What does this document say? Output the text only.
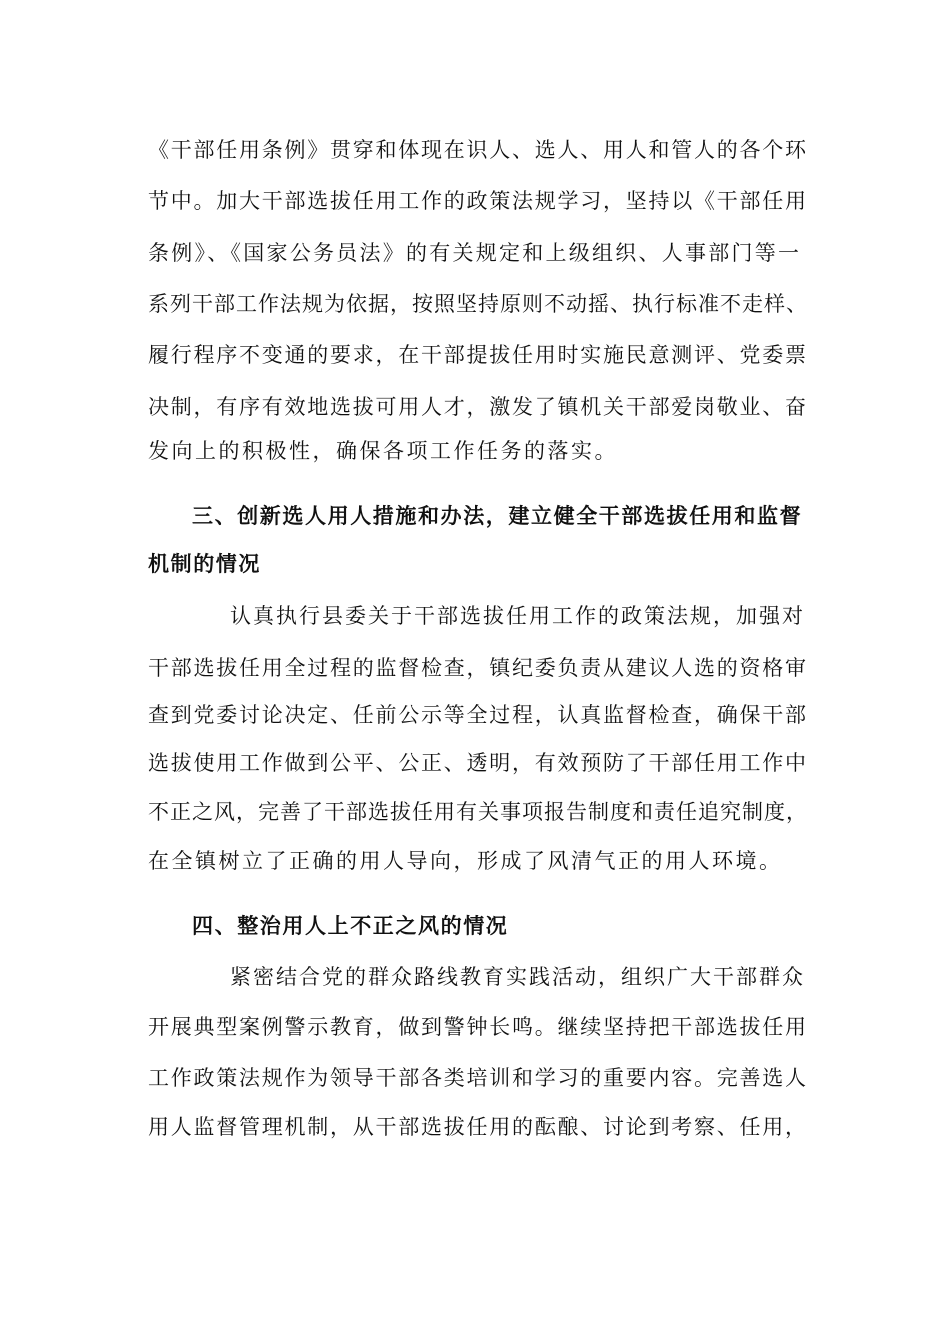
《干部任用条例》贯穿和体现在识人、选人、用人和管人的各个环
节中。加大干部选拔任用工作的政策法规学习，坚持以《干部任用
条例》、《国家公务员法》的有关规定和上级组织、人事部门等一
系列干部工作法规为依据，按照坚持原则不动摇、执行标准不走样、
履行程序不变通的要求，在干部提拔任用时实施民意测评、党委票
决制，有序有效地选拔可用人才，激发了镇机关干部爱岗敬业、奋
发向上的积极性，确保各项工作任务的落实。
三、创新选人用人措施和办法，建立健全干部选拔任用和监督
机制的情况
认真执行县委关于干部选拔任用工作的政策法规，加强对
干部选拔任用全过程的监督检查，镇纪委负责从建议人选的资格审
查到党委讨论决定、任前公示等全过程，认真监督检查，确保干部
选拔使用工作做到公平、公正、透明，有效预防了干部任用工作中
不正之风，完善了干部选拔任用有关事项报告制度和责任追究制度，
在全镇树立了正确的用人导向，形成了风清气正的用人环境。
四、整治用人上不正之风的情况
紧密结合党的群众路线教育实践活动，组织广大干部群众
开展典型案例警示教育，做到警钟长鸣。继续坚持把干部选拔任用
工作政策法规作为领导干部各类培训和学习的重要内容。完善选人
用人监督管理机制，从干部选拔任用的酝酿、讨论到考察、任用，
